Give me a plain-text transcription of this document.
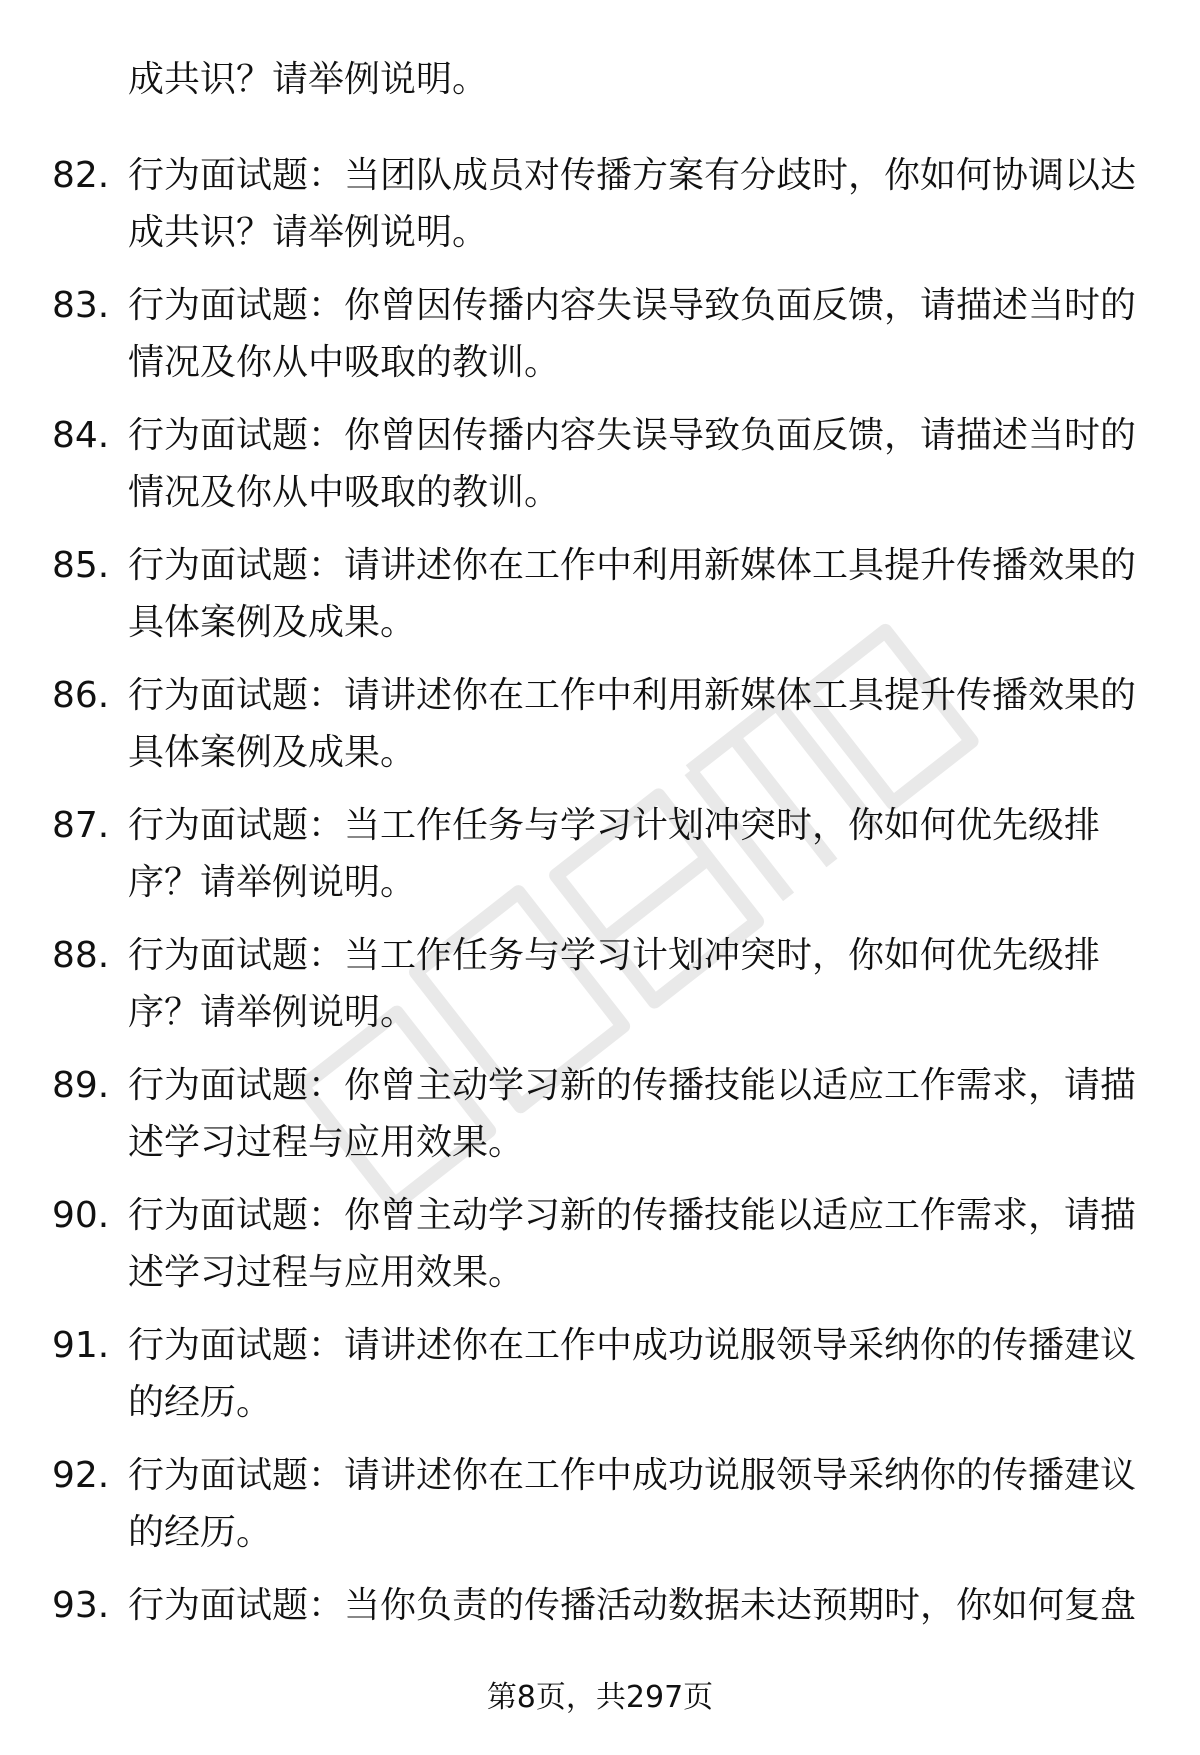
成共识？请举例说明。
82. 行为面试题：当团队成员对传播方案有分歧时，你如何协调以达
成共识？请举例说明。
83. 行为面试题：你曾因传播内容失误导致负面反馈，请描述当时的
情况及你从中吸取的教训。
84. 行为面试题：你曾因传播内容失误导致负面反馈，请描述当时的
情况及你从中吸取的教训。
85. 行为面试题：请讲述你在工作中利用新媒体工具提升传播效果的
具体案例及成果。
86. 行为面试题：请讲述你在工作中利用新媒体工具提升传播效果的
具体案例及成果。
87. 行为面试题：当工作任务与学习计划冲突时，你如何优先级排
序？请举例说明。
88. 行为面试题：当工作任务与学习计划冲突时，你如何优先级排
序？请举例说明。
89. 行为面试题：你曾主动学习新的传播技能以适应工作需求，请描
述学习过程与应用效果。
90. 行为面试题：你曾主动学习新的传播技能以适应工作需求，请描
述学习过程与应用效果。
91. 行为面试题：请讲述你在工作中成功说服领导采纳你的传播建议
的经历。
92. 行为面试题：请讲述你在工作中成功说服领导采纳你的传播建议
的经历。
93. 行为面试题：当你负责的传播活动数据未达预期时，你如何复盘
第8页，共297页
